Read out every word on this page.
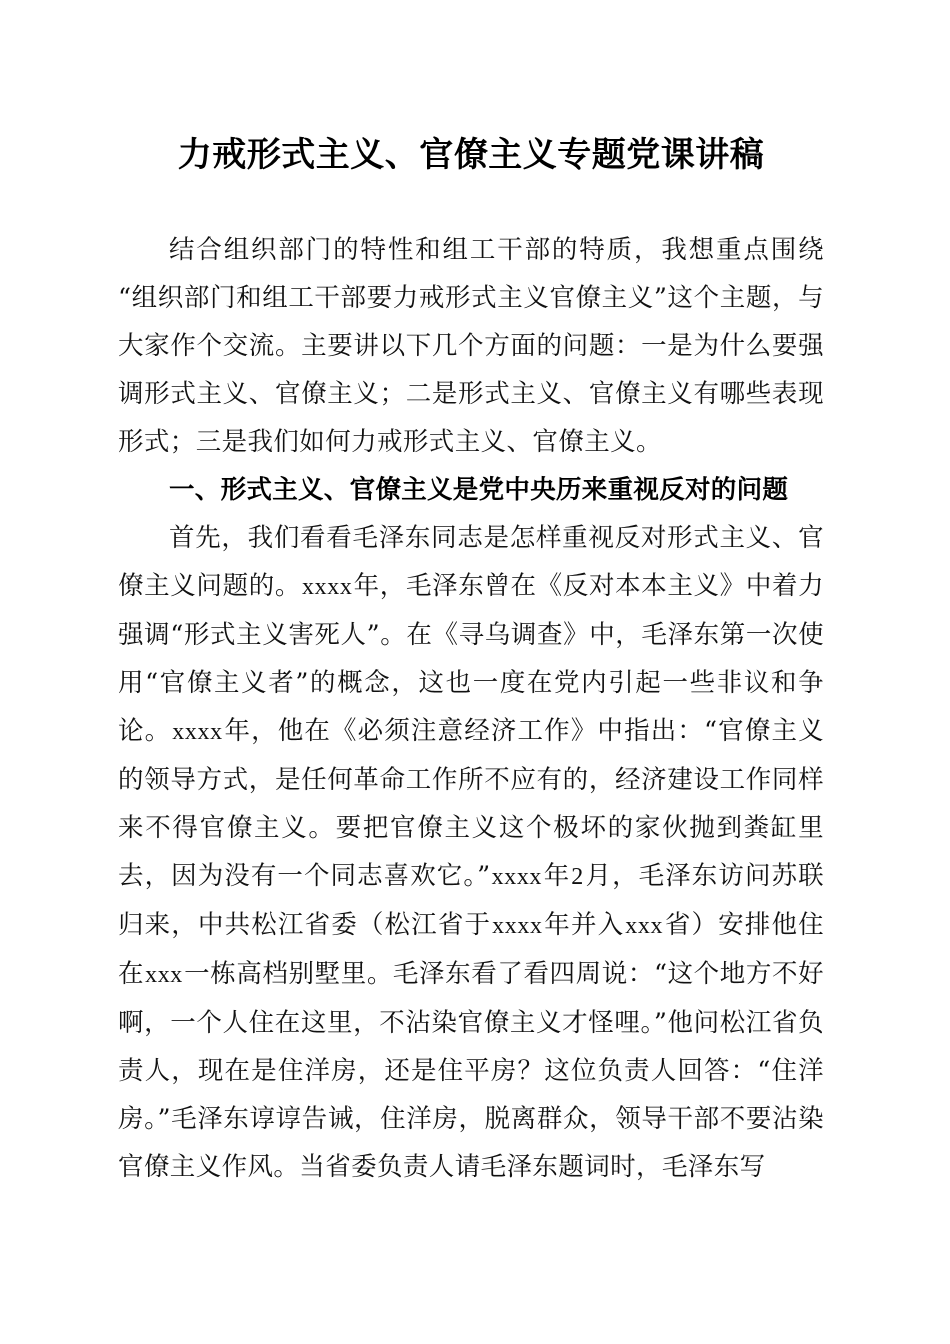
力戒形式主义、官僚主义专题党课讲稿

结合组织部门的特性和组工干部的特质，我想重点围绕“组织部门和组工干部要力戒形式主义官僚主义”这个主题，与大家作个交流。主要讲以下几个方面的问题：一是为什么要强调形式主义、官僚主义；二是形式主义、官僚主义有哪些表现形式；三是我们如何力戒形式主义、官僚主义。

一、形式主义、官僚主义是党中央历来重视反对的问题

首先，我们看看毛泽东同志是怎样重视反对形式主义、官僚主义问题的。xxxx年，毛泽东曾在《反对本本主义》中着力强调“形式主义害死人”。在《寻乌调查》中，毛泽东第一次使用“官僚主义者”的概念，这也一度在党内引起一些非议和争论。xxxx年，他在《必须注意经济工作》中指出：“官僚主义的领导方式，是任何革命工作所不应有的，经济建设工作同样来不得官僚主义。要把官僚主义这个极坏的家伙抛到粪缸里去，因为没有一个同志喜欢它。”xxxx年2月，毛泽东访问苏联归来，中共松江省委（松江省于xxxx年并入xxx省）安排他住在xxx一栋高档别墅里。毛泽东看了看四周说：“这个地方不好啊，一个人住在这里，不沾染官僚主义才怪哩。”他问松江省负责人，现在是住洋房，还是住平房？这位负责人回答：“住洋房。”毛泽东谆谆告诫，住洋房，脱离群众，领导干部不要沾染官僚主义作风。当省委负责人请毛泽东题词时，毛泽东写
